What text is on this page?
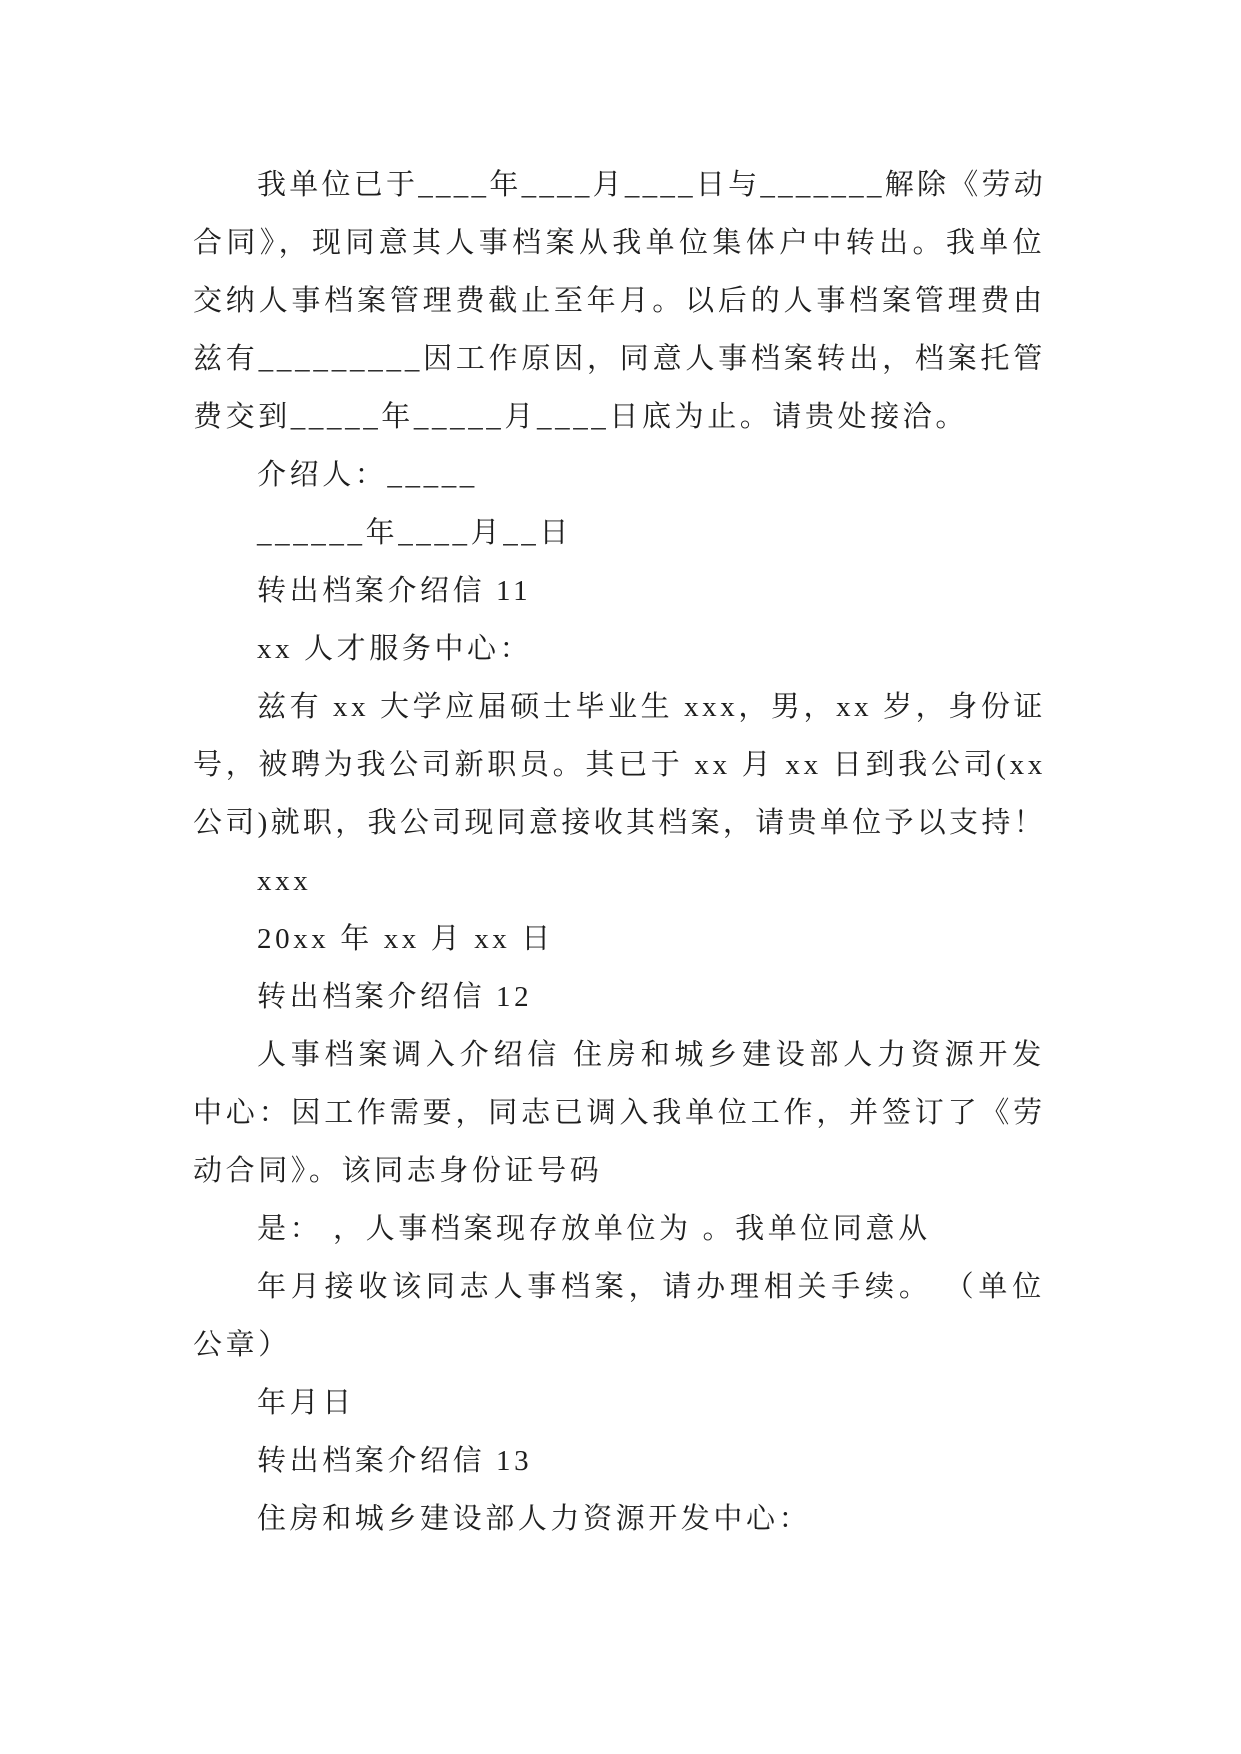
我单位已于____年____月____日与_______解除《劳动
合同》，现同意其人事档案从我单位集体户中转出。我单位
交纳人事档案管理费截止至年月。以后的人事档案管理费由
兹有_________因工作原因，同意人事档案转出，档案托管
费交到_____年_____月____日底为止。请贵处接洽。
介绍人：_____
______年____月__日
转出档案介绍信 11
xx 人才服务中心：
兹有 xx 大学应届硕士毕业生 xxx，男，xx 岁，身份证
号，被聘为我公司新职员。其已于 xx 月 xx 日到我公司(xx
公司)就职，我公司现同意接收其档案，请贵单位予以支持！
xxx
20xx 年 xx 月 xx 日
转出档案介绍信 12
人事档案调入介绍信 住房和城乡建设部人力资源开发
中心：因工作需要，同志已调入我单位工作，并签订了《劳
动合同》。该同志身份证号码
是： ，人事档案现存放单位为 。我单位同意从
年月接收该同志人事档案，请办理相关手续。 （单位
公章）
年月日
转出档案介绍信 13
住房和城乡建设部人力资源开发中心：
